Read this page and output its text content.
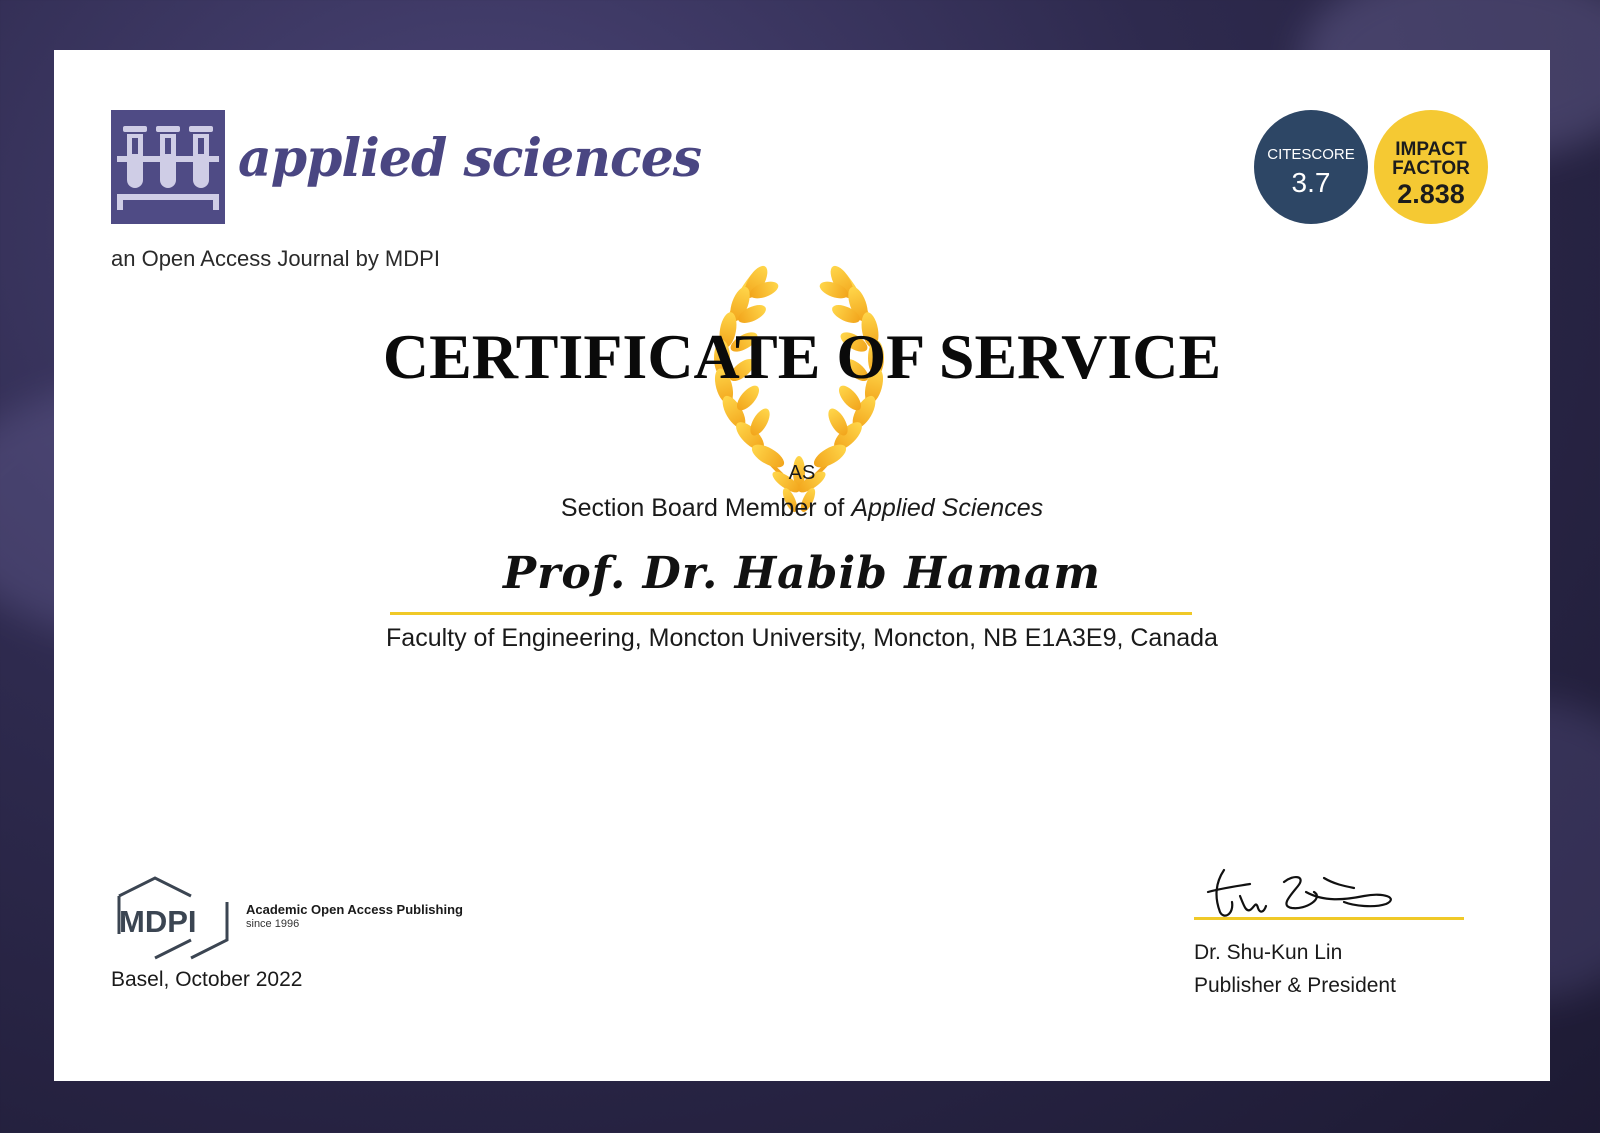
applied sciences
an Open Access Journal by MDPI
CITESCORE
3.7
IMPACT FACTOR
2.838
CERTIFICATE OF SERVICE
AS
Section Board Member of Applied Sciences
Prof. Dr. Habib Hamam
Faculty of Engineering, Moncton University, Moncton, NB E1A3E9, Canada
MDPI	Academic Open Access Publishing
since 1996
Basel, October 2022
Dr. Shu-Kun Lin
Publisher & President
